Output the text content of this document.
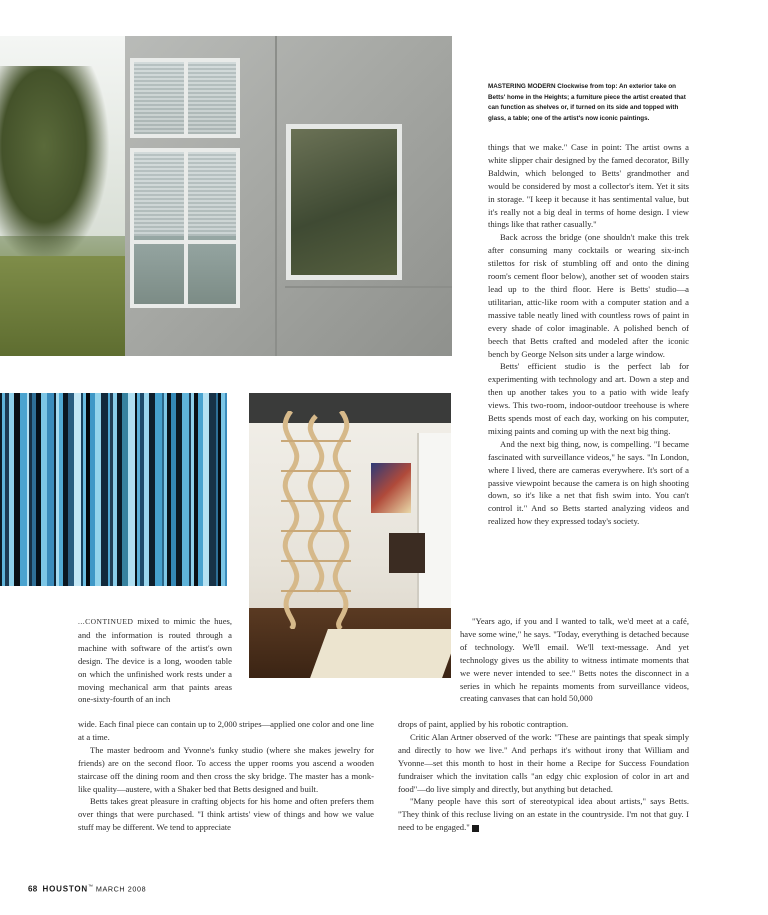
MASTERING MODERN Clockwise from top: An exterior take on Betts' home in the Heights; a furniture piece the artist created that can function as shelves or, if turned on its side and topped with glass, a table; one of the artist's now iconic paintings.

things that we make." Case in point: The artist owns a white slipper chair designed by the famed decorator, Billy Baldwin, which belonged to Betts' grandmother and would be considered by most a collector's item. Yet it sits in storage. "I keep it because it has sentimental value, but it's really not a big deal in terms of home design. I view things like that rather casually."

Back across the bridge (one shouldn't make this trek after consuming many cocktails or wearing six-inch stilettos for risk of stumbling off and onto the dining room's cement floor below), another set of wooden stairs lead up to the third floor. Here is Betts' studio—a utilitarian, attic-like room with a computer station and a massive table neatly lined with countless rows of paint in every shade of color imaginable. A polished bench of beech that Betts crafted and modeled after the iconic bench by George Nelson sits under a large window.

Betts' efficient studio is the perfect lab for experimenting with technology and art. Down a step and then up another takes you to a patio with wide leafy views. This two-room, indoor-outdoor treehouse is where Betts spends most of each day, working on his computer, mixing paints and coming up with the next big thing.

And the next big thing, now, is compelling. "I became fascinated with surveillance videos," he says. "In London, where I lived, there are cameras everywhere. It's sort of a passive viewpoint because the camera is on high shooting down, so it's like a net that fish swim into. You can't control it." And so Betts started analyzing videos and realized how they expressed today's society.

...CONTINUED mixed to mimic the hues, and the information is routed through a machine with software of the artist's own design. The device is a long, wooden table on which the unfinished work rests under a moving mechanical arm that paints areas one-sixty-fourth of an inch

"Years ago, if you and I wanted to talk, we'd meet at a café, have some wine," he says. "Today, everything is detached because of technology. We'll email. We'll text-message. And yet technology gives us the ability to witness intimate moments that we were never intended to see." Betts notes the disconnect in a series in which he repaints moments from surveillance videos, creating canvases that can hold 50,000

wide. Each final piece can contain up to 2,000 stripes—applied one color and one line at a time.

The master bedroom and Yvonne's funky studio (where she makes jewelry for friends) are on the second floor. To access the upper rooms you ascend a wooden staircase off the dining room and then cross the sky bridge. The master has a monk-like quality—austere, with a Shaker bed that Betts designed and built.

Betts takes great pleasure in crafting objects for his home and often prefers them over things that were purchased. "I think artists' view of things and how we value stuff may be different. We tend to appreciate

drops of paint, applied by his robotic contraption.

Critic Alan Artner observed of the work: "These are paintings that speak simply and directly to how we live." And perhaps it's without irony that William and Yvonne—set this month to host in their home a Recipe for Success Foundation fundraiser which the invitation calls "an edgy chic explosion of color in art and food"—do live simply and directly, but anything but detached.

"Many people have this sort of stereotypical idea about artists," says Betts. "They think of this recluse living on an estate in the countryside. I'm not that guy. I need to be engaged."	H

68 HOUSTON™ MARCH 2008
